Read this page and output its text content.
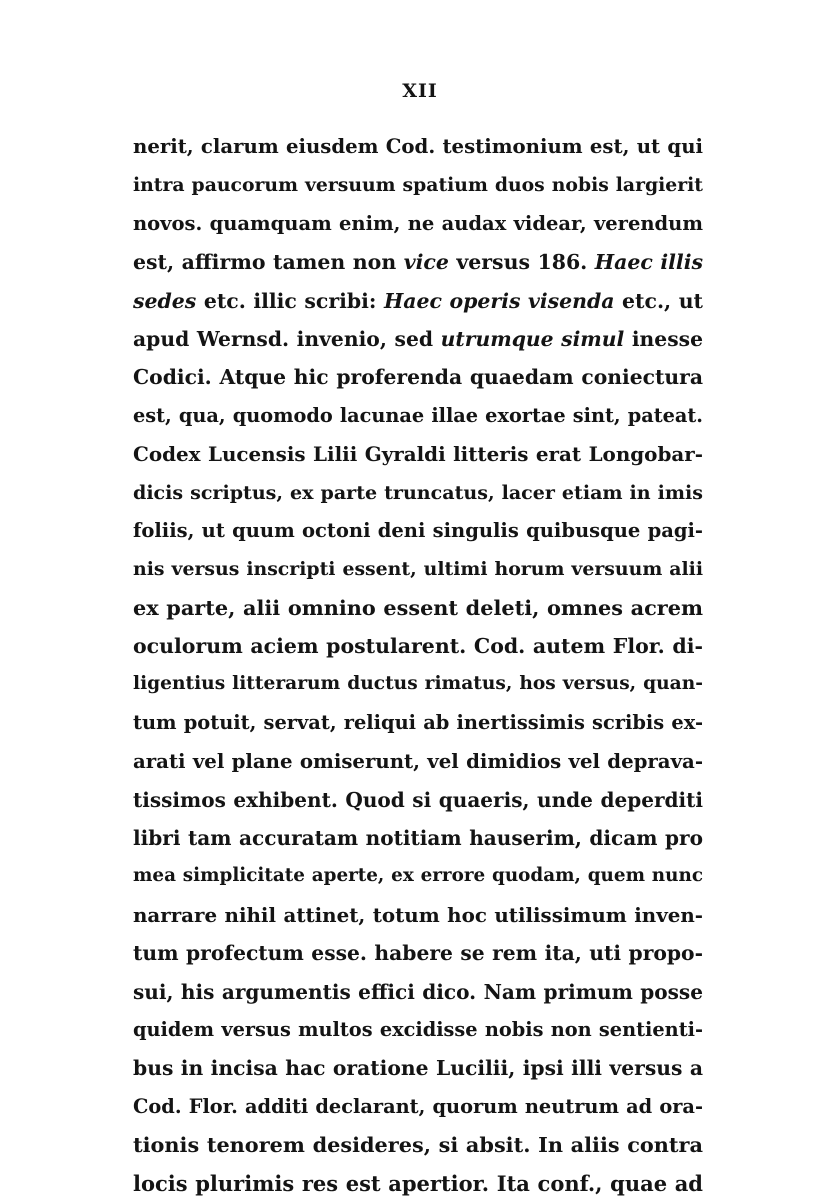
XII
nerit, clarum eiusdem Cod. testimonium est, ut qui
intra paucorum versuum spatium duos nobis largierit
novos. quamquam enim, ne audax videar, verendum
est, affirmo tamen non vice versus 186. Haec illis
sedes etc. illic scribi: Haec operis visenda etc., ut
apud Wernsd. invenio, sed utrumque simul inesse
Codici. Atque hic proferenda quaedam coniectura
est, qua, quomodo lacunae illae exortae sint, pateat.
Codex Lucensis Lilii Gyraldi litteris erat Longobar-
dicis scriptus, ex parte truncatus, lacer etiam in imis
foliis, ut quum octoni deni singulis quibusque pagi-
nis versus inscripti essent, ultimi horum versuum alii
ex parte, alii omnino essent deleti, omnes acrem
oculorum aciem postularent. Cod. autem Flor. di-
ligentius litterarum ductus rimatus, hos versus, quan-
tum potuit, servat, reliqui ab inertissimis scribis ex-
arati vel plane omiserunt, vel dimidios vel deprava-
tissimos exhibent. Quod si quaeris, unde deperditi
libri tam accuratam notitiam hauserim, dicam pro
mea simplicitate aperte, ex errore quodam, quem nunc
narrare nihil attinet, totum hoc utilissimum inven-
tum profectum esse. habere se rem ita, uti propo-
sui, his argumentis effici dico. Nam primum posse
quidem versus multos excidisse nobis non sentienti-
bus in incisa hac oratione Lucilii, ipsi illi versus a
Cod. Flor. additi declarant, quorum neutrum ad ora-
tionis tenorem desideres, si absit. In aliis contra
locis plurimis res est apertior. Ita conf., quae ad
